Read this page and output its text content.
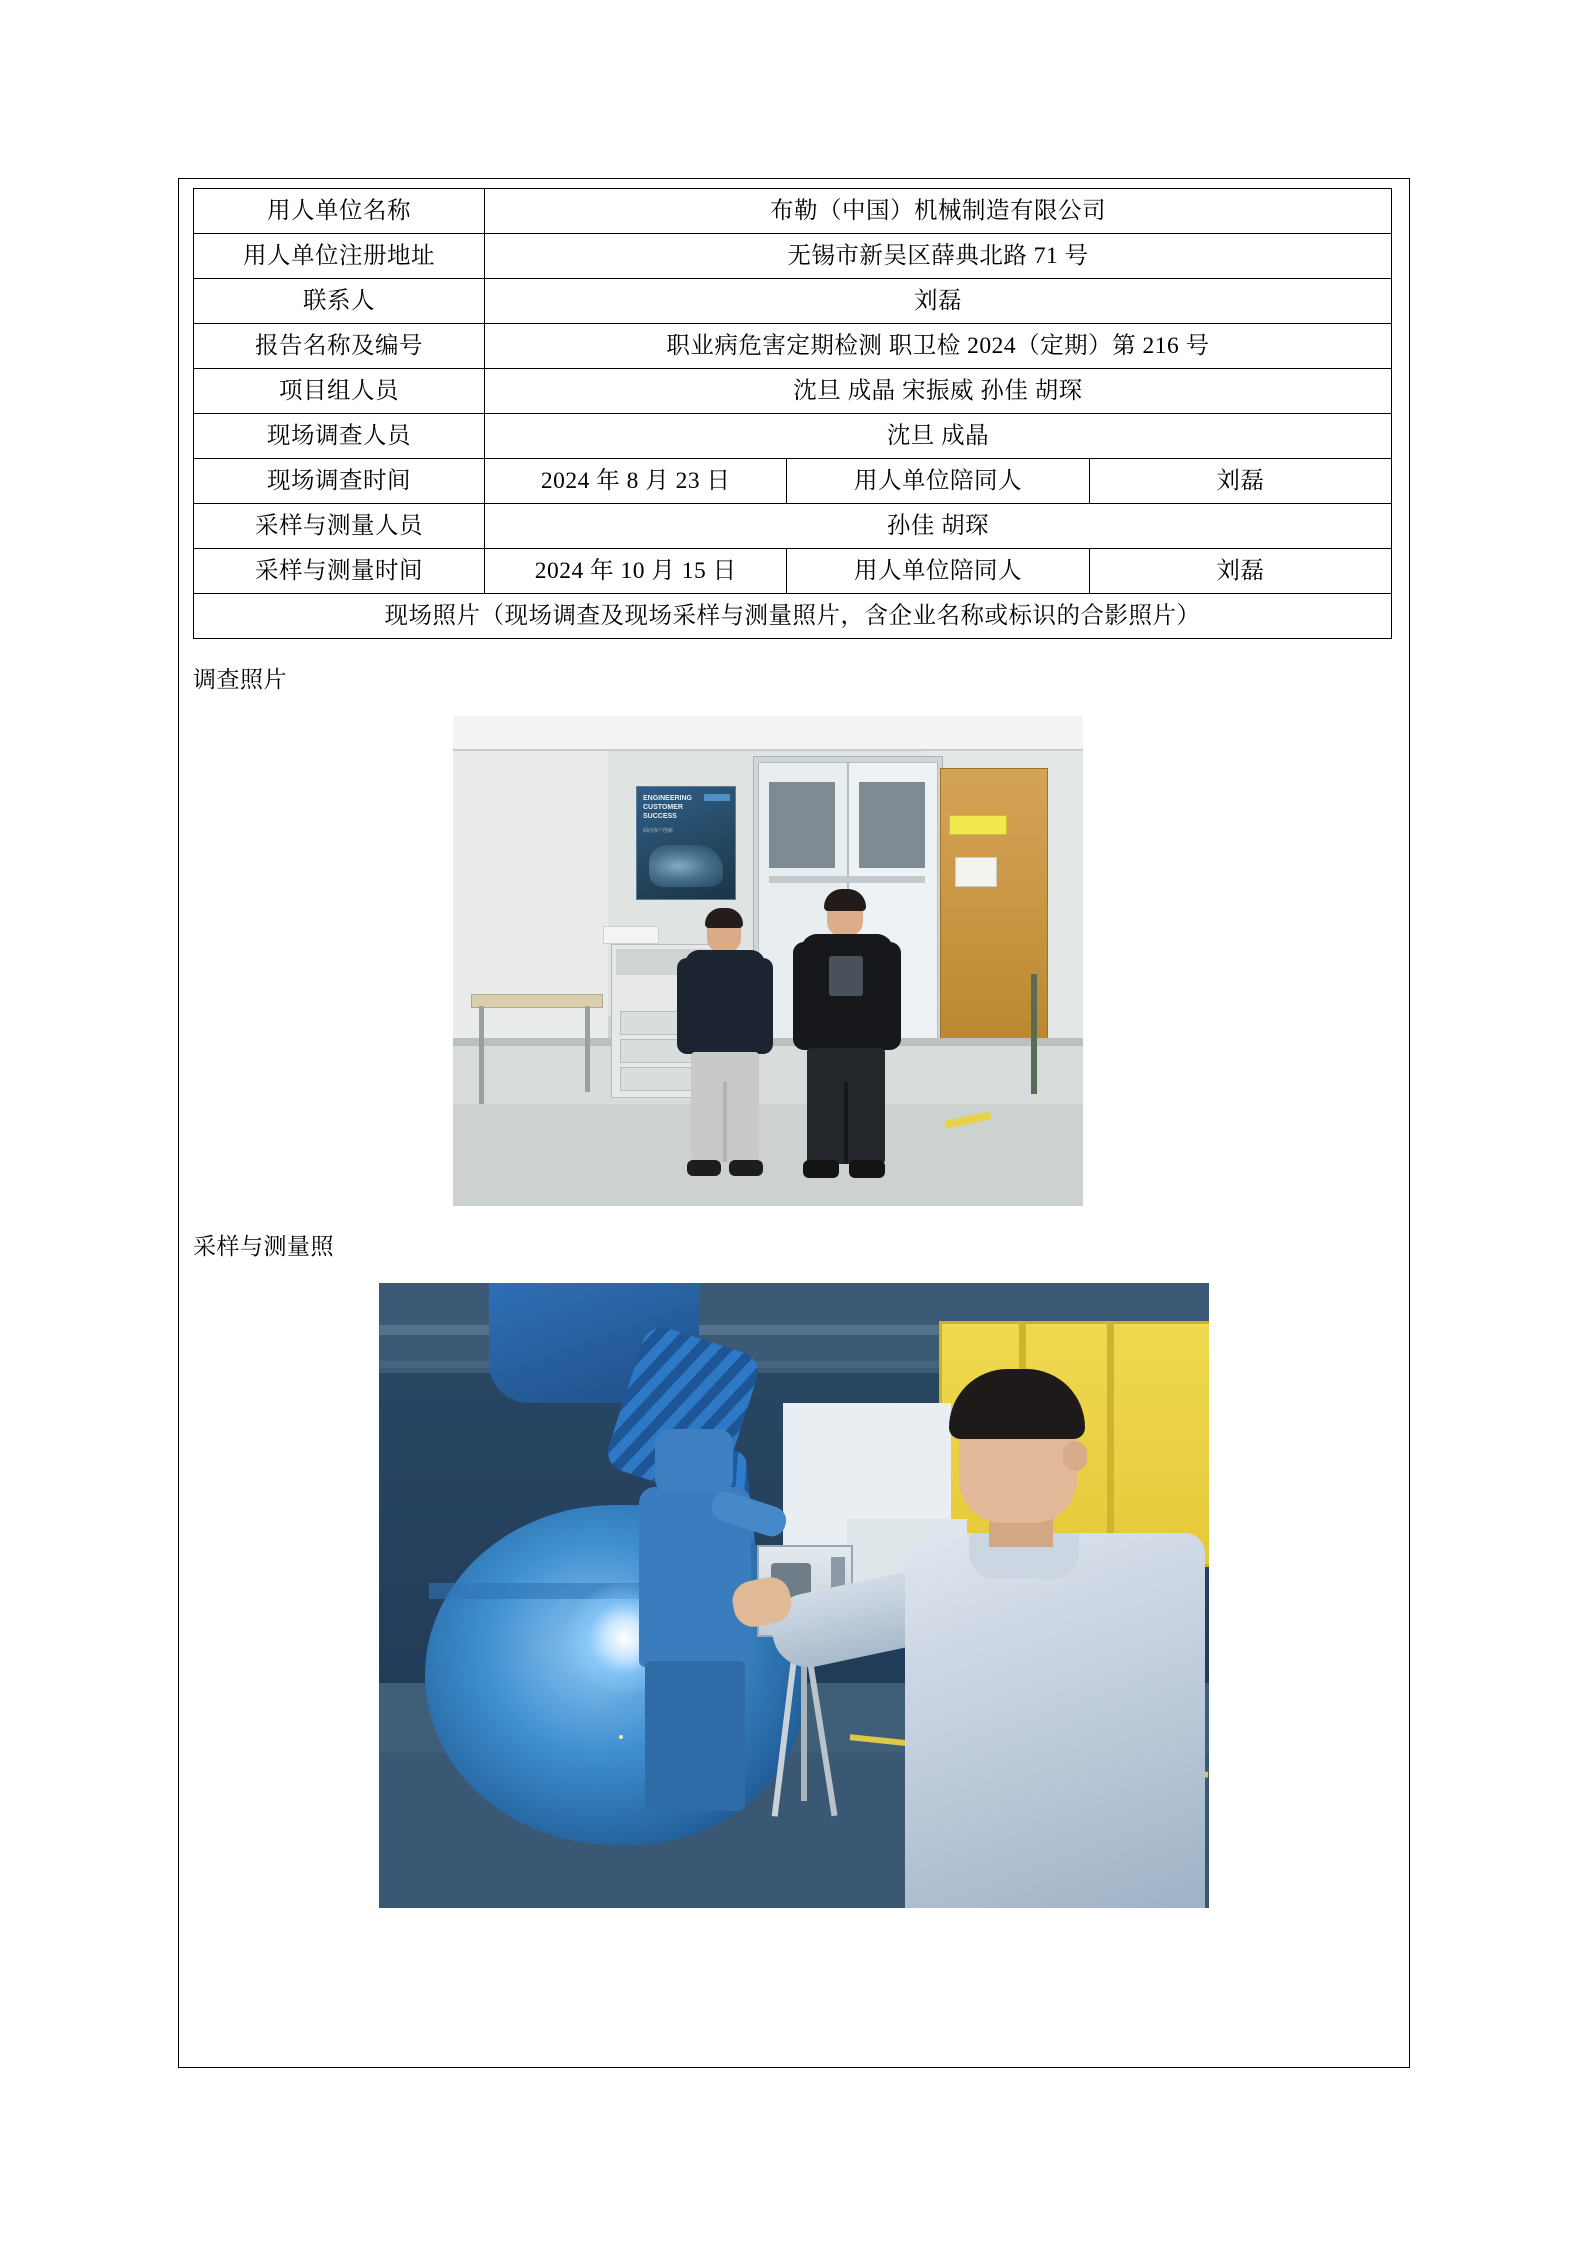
用人单位名称	布勒（中国）机械制造有限公司		
用人单位注册地址	无锡市新吴区薛典北路 71 号		
联系人	刘磊		
报告名称及编号	职业病危害定期检测 职卫检 2024（定期）第 216 号		
项目组人员	沈旦 成晶 宋振威 孙佳 胡琛		
现场调查人员	沈旦 成晶		
现场调查时间	2024 年 8 月 23 日	用人单位陪同人	刘磊
采样与测量人员	孙佳 胡琛		
采样与测量时间	2024 年 10 月 15 日	用人单位陪同人	刘磊
现场照片（现场调查及现场采样与测量照片，含企业名称或标识的合影照片）			
调查照片
ENGINEERING
CUSTOMER
SUCCESS
面向客户创新
采样与测量照
